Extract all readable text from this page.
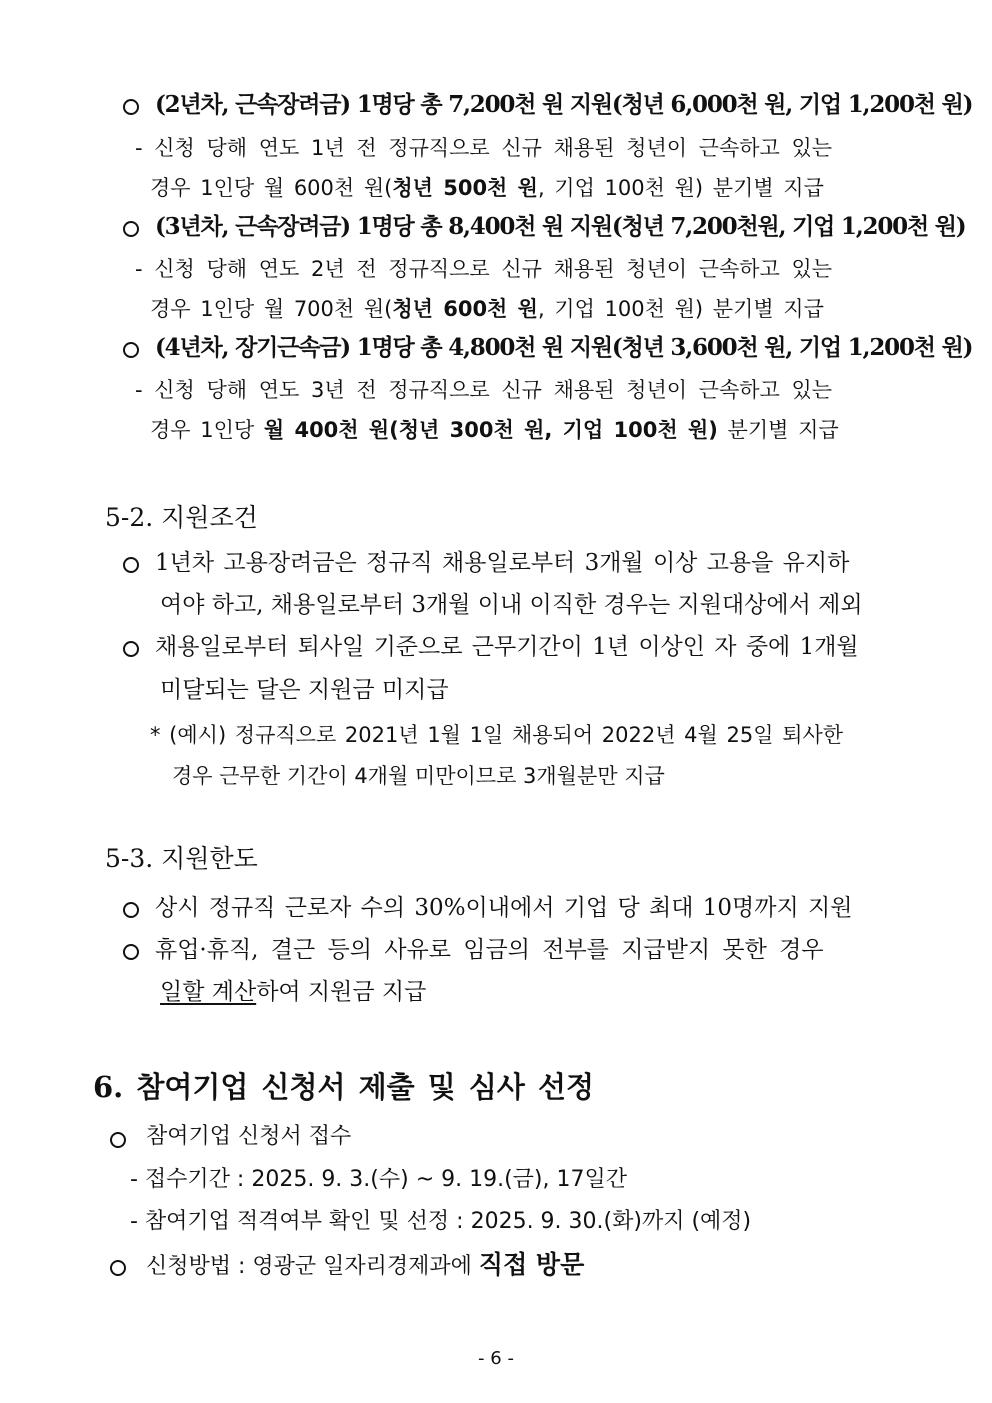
(2년차, 근속장려금) 1명당 총 7,200천 원 지원(청년 6,000천 원, 기업 1,200천 원)
- 신청 당해 연도 1년 전 정규직으로 신규 채용된 청년이 근속하고 있는
경우 1인당 월 600천 원(청년 500천 원, 기업 100천 원) 분기별 지급
(3년차, 근속장려금) 1명당 총 8,400천 원 지원(청년 7,200천원, 기업 1,200천 원)
- 신청 당해 연도 2년 전 정규직으로 신규 채용된 청년이 근속하고 있는
경우 1인당 월 700천 원(청년 600천 원, 기업 100천 원) 분기별 지급
(4년차, 장기근속금) 1명당 총 4,800천 원 지원(청년 3,600천 원, 기업 1,200천 원)
- 신청 당해 연도 3년 전 정규직으로 신규 채용된 청년이 근속하고 있는
경우 1인당 월 400천 원(청년 300천 원, 기업 100천 원) 분기별 지급
5-2. 지원조건
1년차 고용장려금은 정규직 채용일로부터 3개월 이상 고용을 유지하
여야 하고, 채용일로부터 3개월 이내 이직한 경우는 지원대상에서 제외
채용일로부터 퇴사일 기준으로 근무기간이 1년 이상인 자 중에 1개월
미달되는 달은 지원금 미지급
* (예시) 정규직으로 2021년 1월 1일 채용되어 2022년 4월 25일 퇴사한
경우 근무한 기간이 4개월 미만이므로 3개월분만 지급
5-3. 지원한도
상시 정규직 근로자 수의 30%이내에서 기업 당 최대 10명까지 지원
휴업·휴직, 결근 등의 사유로 임금의 전부를 지급받지 못한 경우
일할 계산하여 지원금 지급
6. 참여기업 신청서 제출 및 심사 선정
참여기업 신청서 접수
- 접수기간 : 2025. 9. 3.(수) ~ 9. 19.(금), 17일간
- 참여기업 적격여부 확인 및 선정 : 2025. 9. 30.(화)까지 (예정)
신청방법 : 영광군 일자리경제과에 직접 방문
- 6 -
